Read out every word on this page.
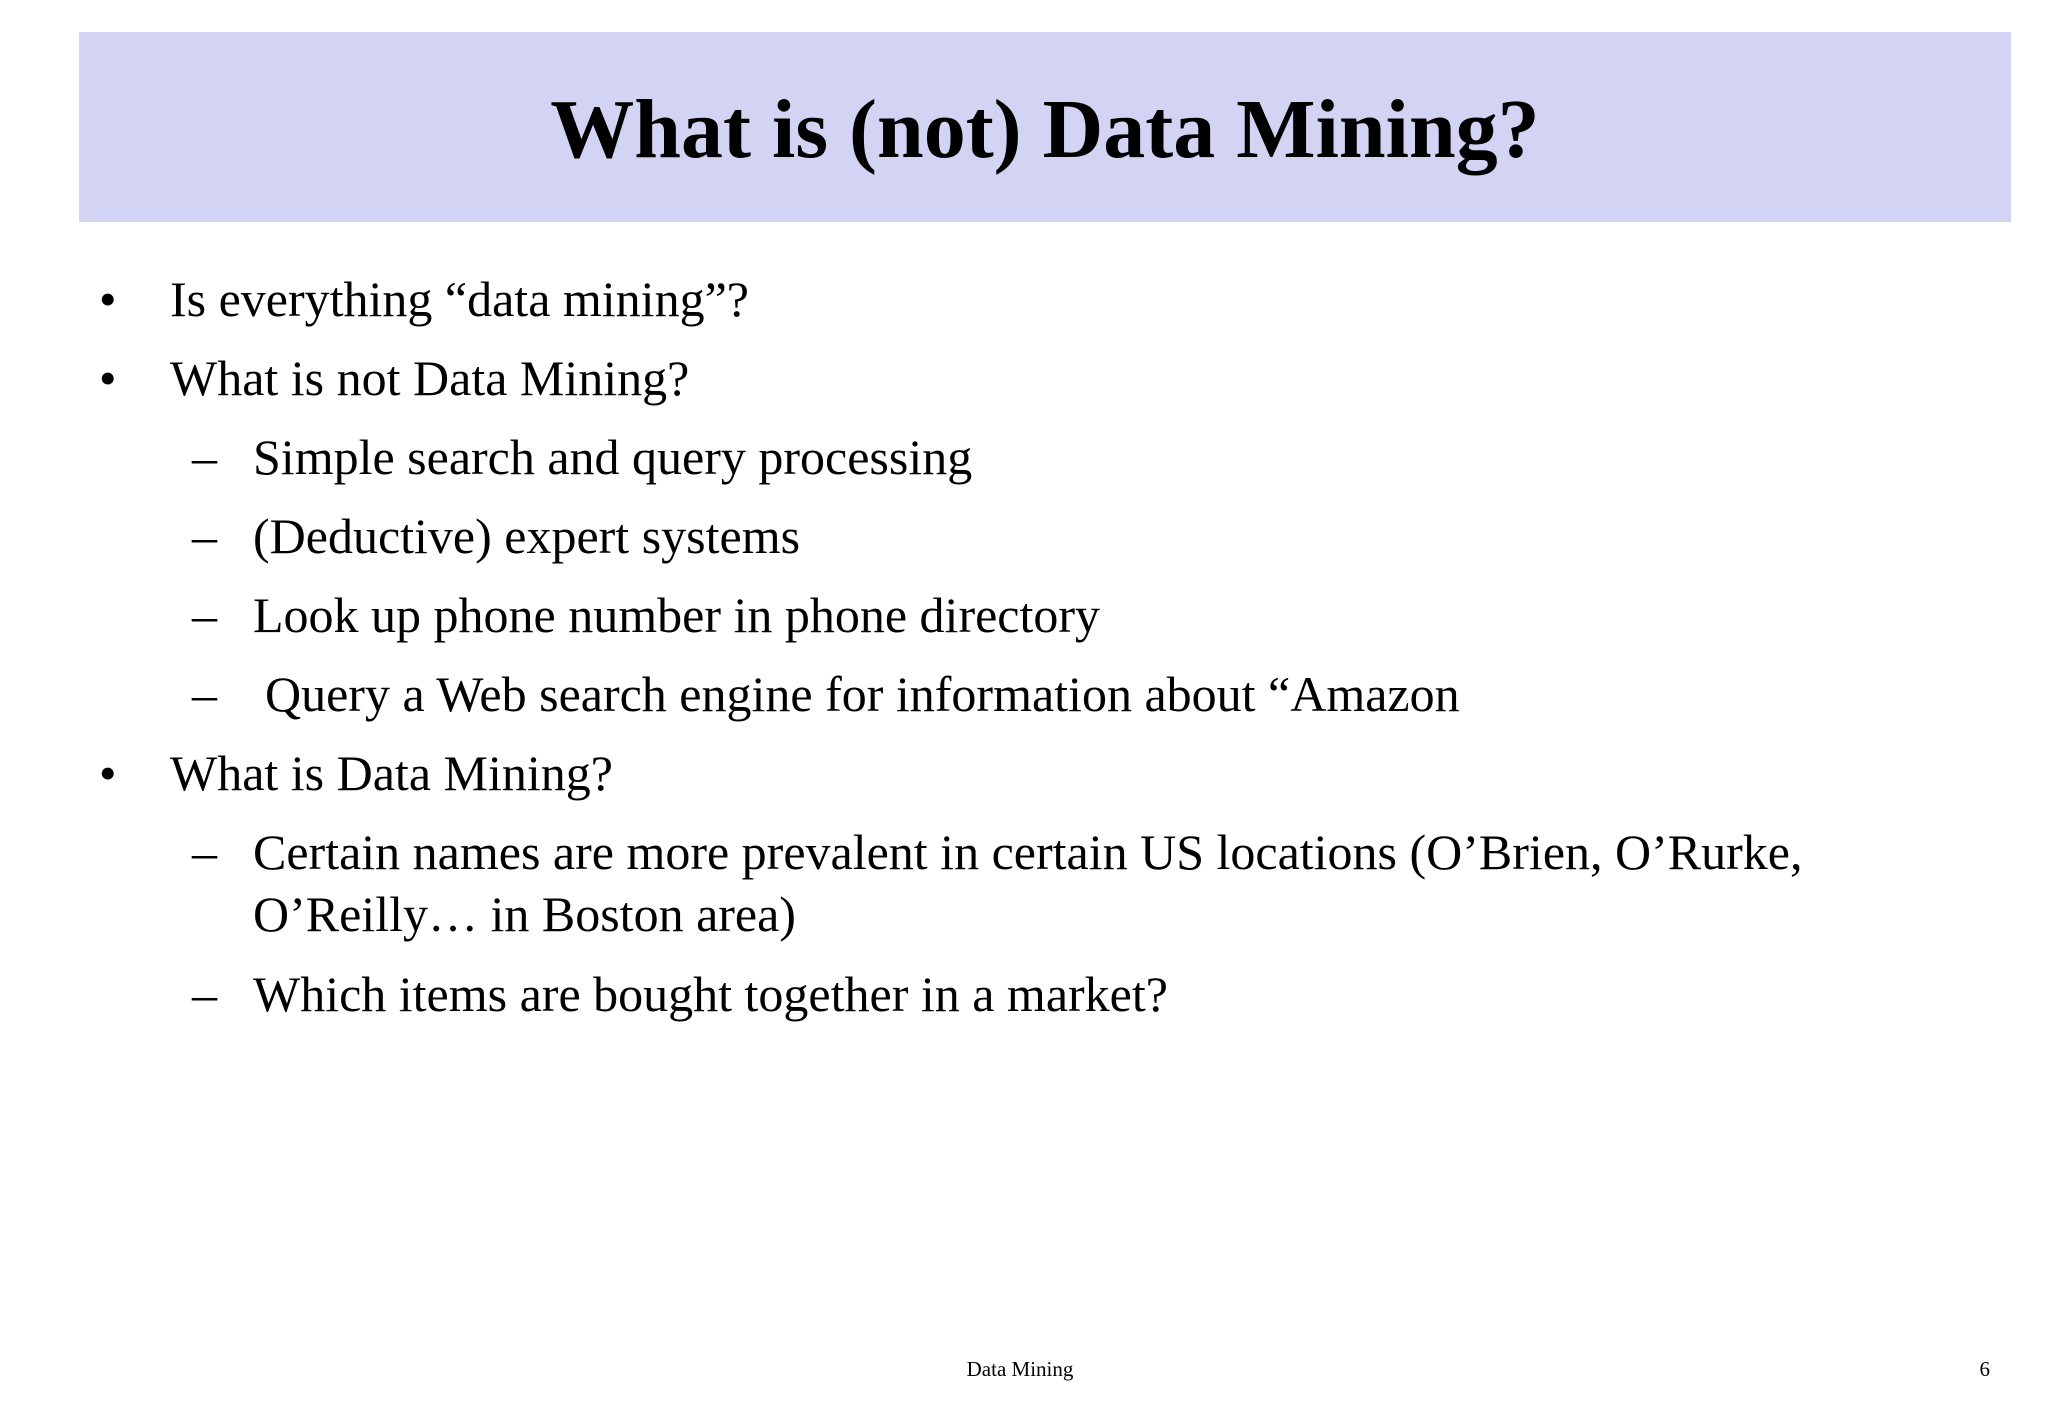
What is (not) Data Mining?
• Is everything “data mining”?
• What is not Data Mining?
– Simple search and query processing
– (Deductive) expert systems
– Look up phone number in phone directory
– Query a Web search engine for information about “Amazon
• What is Data Mining?
– Certain names are more prevalent in certain US locations (O’Brien, O’Rurke,
O’Reilly… in Boston area)
– Which items are bought together in a market?
Data Mining	6
